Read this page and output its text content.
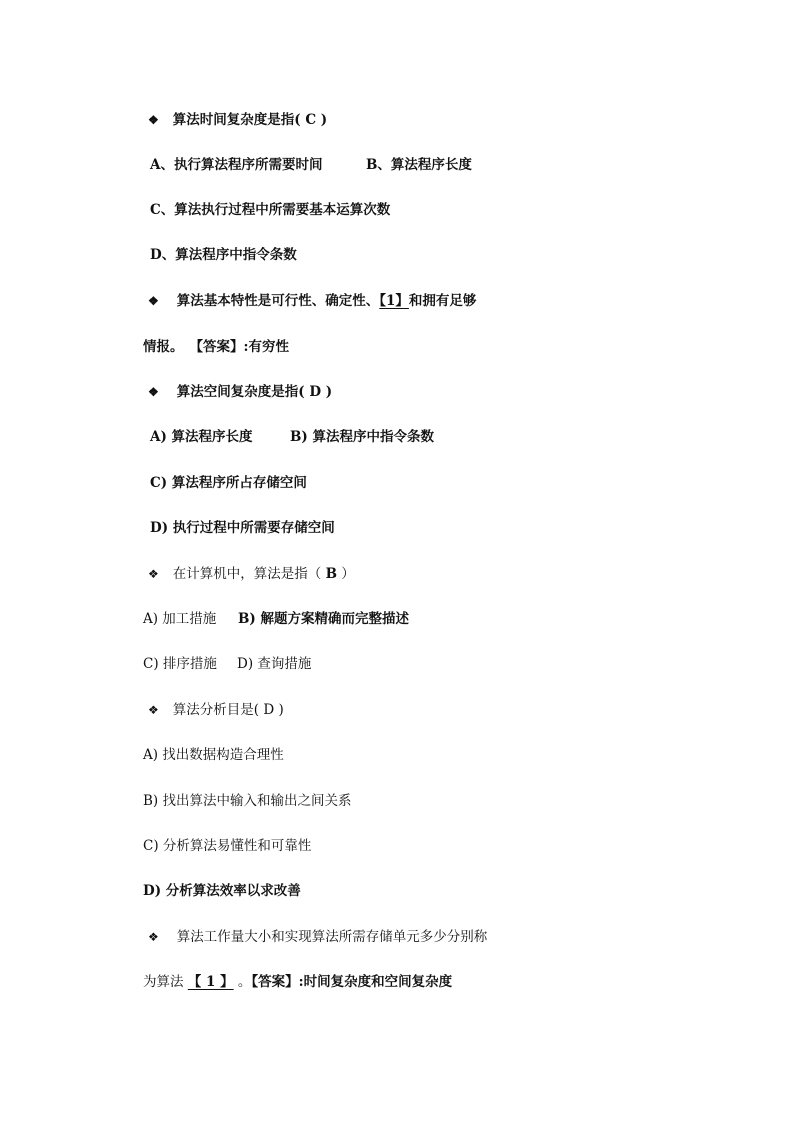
❖ 算法时间复杂度是指( C )
A、执行算法程序所需要时间	B、算法程序长度
C、算法执行过程中所需要基本运算次数
D、算法程序中指令条数
❖ 算法基本特性是可行性、确定性、【1】和拥有足够
情报。 【答案】:有穷性
❖ 算法空间复杂度是指( D )
A) 算法程序长度	B) 算法程序中指令条数
C) 算法程序所占存储空间
D) 执行过程中所需要存储空间
❖ 在计算机中，算法是指（ B ）
A) 加工措施 B) 解题方案精确而完整描述
C) 排序措施 D) 查询措施
❖ 算法分析目是( D )
A) 找出数据构造合理性
B) 找出算法中输入和输出之间关系
C) 分析算法易懂性和可靠性
D) 分析算法效率以求改善
❖ 算法工作量大小和实现算法所需存储单元多少分别称
为算法 【 1 】 。【答案】:时间复杂度和空间复杂度
